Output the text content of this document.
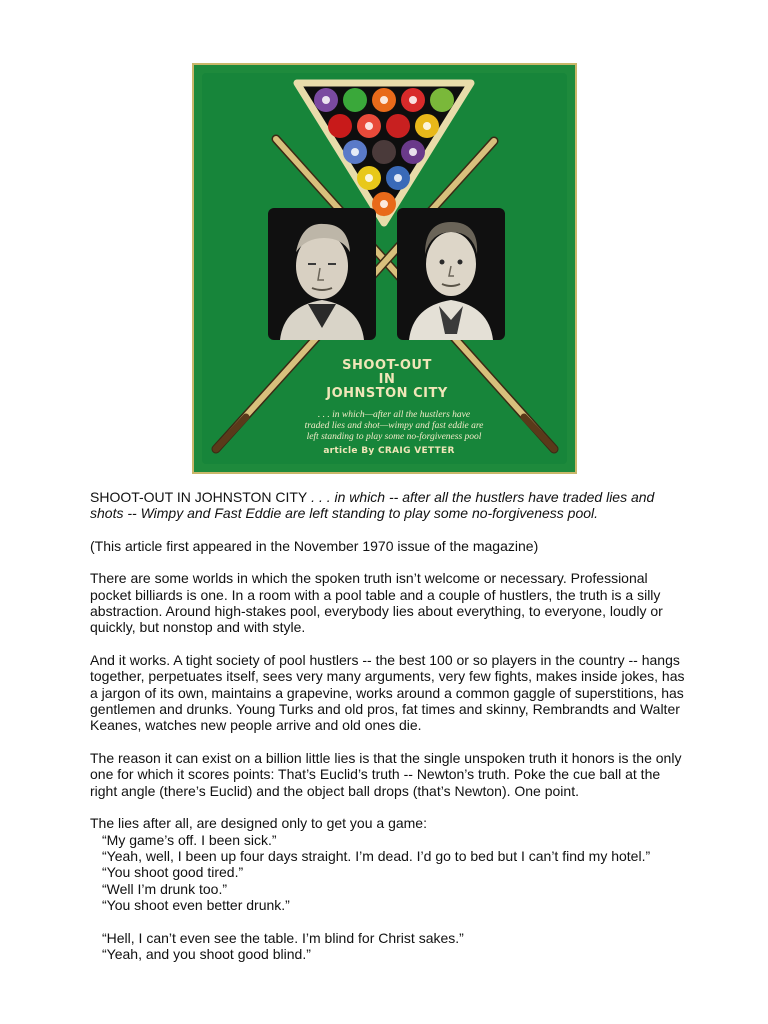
SHOOT-OUT
IN
JOHNSTON CITY
. . . in which—after all the hustlers have
traded lies and shot—wimpy and fast eddie are
left standing to play some no-forgiveness pool
article By CRAIG VETTER

SHOOT-OUT IN JOHNSTON CITY . . . in which -- after all the hustlers have traded lies and shots -- Wimpy and Fast Eddie are left standing to play some no-forgiveness pool.

(This article first appeared in the November 1970 issue of the magazine)

There are some worlds in which the spoken truth isn’t welcome or necessary. Professional pocket billiards is one. In a room with a pool table and a couple of hustlers, the truth is a silly abstraction. Around high-stakes pool, everybody lies about everything, to everyone, loudly or quickly, but nonstop and with style.

And it works. A tight society of pool hustlers -- the best 100 or so players in the country -- hangs together, perpetuates itself, sees very many arguments, very few fights, makes inside jokes, has a jargon of its own, maintains a grapevine, works around a common gaggle of superstitions, has gentlemen and drunks. Young Turks and old pros, fat times and skinny, Rembrandts and Walter Keanes, watches new people arrive and old ones die.

The reason it can exist on a billion little lies is that the single unspoken truth it honors is the only one for which it scores points: That’s Euclid’s truth -- Newton’s truth. Poke the cue ball at the right angle (there’s Euclid) and the object ball drops (that’s Newton). One point.

The lies after all, are designed only to get you a game:

“My game’s off. I been sick.”

“Yeah, well, I been up four days straight. I’m dead. I’d go to bed but I can’t find my hotel.”

“You shoot good tired.”

“Well I’m drunk too.”

“You shoot even better drunk.”

“Hell, I can’t even see the table. I’m blind for Christ sakes.”

“Yeah, and you shoot good blind.”
